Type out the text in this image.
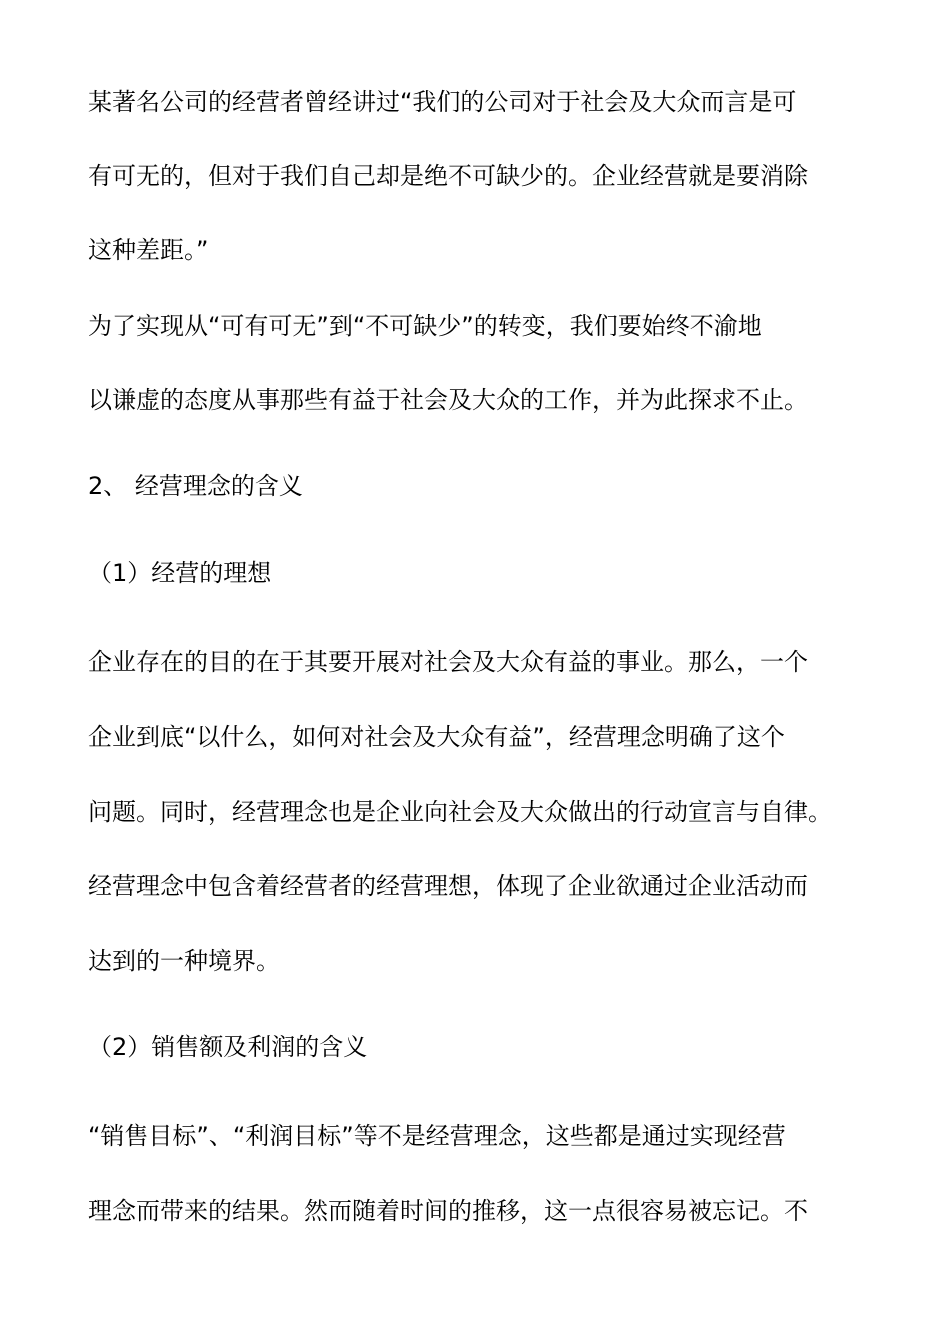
某著名公司的经营者曾经讲过“我们的公司对于社会及大众而言是可
有可无的，但对于我们自己却是绝不可缺少的。企业经营就是要消除
这种差距。”
为了实现从“可有可无”到“不可缺少”的转变，我们要始终不渝地
以谦虚的态度从事那些有益于社会及大众的工作，并为此探求不止。
2、 经营理念的含义
（1）经营的理想
企业存在的目的在于其要开展对社会及大众有益的事业。那么，一个
企业到底“以什么，如何对社会及大众有益”，经营理念明确了这个
问题。同时，经营理念也是企业向社会及大众做出的行动宣言与自律。
经营理念中包含着经营者的经营理想，体现了企业欲通过企业活动而
达到的一种境界。
（2）销售额及利润的含义
“销售目标”、“利润目标”等不是经营理念，这些都是通过实现经营
理念而带来的结果。然而随着时间的推移，这一点很容易被忘记。不
